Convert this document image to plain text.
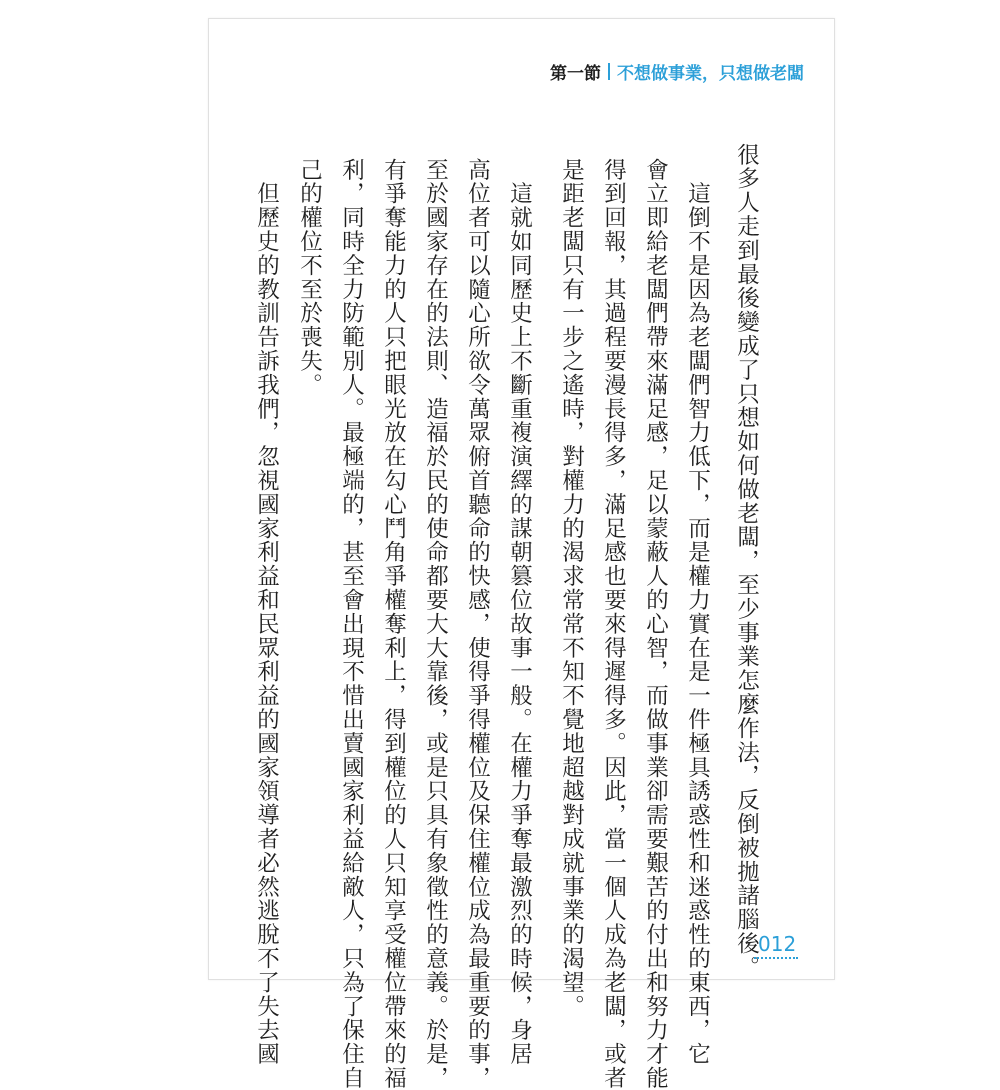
第一節 不想做事業，只想做老闆
很多人走到最後變成了只想如何做老闆，至少事業怎麼作法，反倒被拋諸腦後。
　這倒不是因為老闆們智力低下，而是權力實在是一件極具誘惑性和迷惑性的東西，它
會立即給老闆們帶來滿足感，足以蒙蔽人的心智，而做事業卻需要艱苦的付出和努力才能
得到回報，其過程要漫長得多，滿足感也要來得遲得多。因此，當一個人成為老闆，或者
是距老闆只有一步之遙時，對權力的渴求常常不知不覺地超越對成就事業的渴望。
　這就如同歷史上不斷重複演繹的謀朝篡位故事一般。在權力爭奪最激烈的時候，身居
高位者可以隨心所欲令萬眾俯首聽命的快感，使得爭得權位及保住權位成為最重要的事，
至於國家存在的法則、造福於民的使命都要大大靠後，或是只具有象徵性的意義。於是，
有爭奪能力的人只把眼光放在勾心鬥角爭權奪利上，得到權位的人只知享受權位帶來的福
利，同時全力防範別人。最極端的，甚至會出現不惜出賣國家利益給敵人，只為了保住自
己的權位不至於喪失。
　但歷史的教訓告訴我們，忽視國家利益和民眾利益的國家領導者必然逃脫不了失去國	012
